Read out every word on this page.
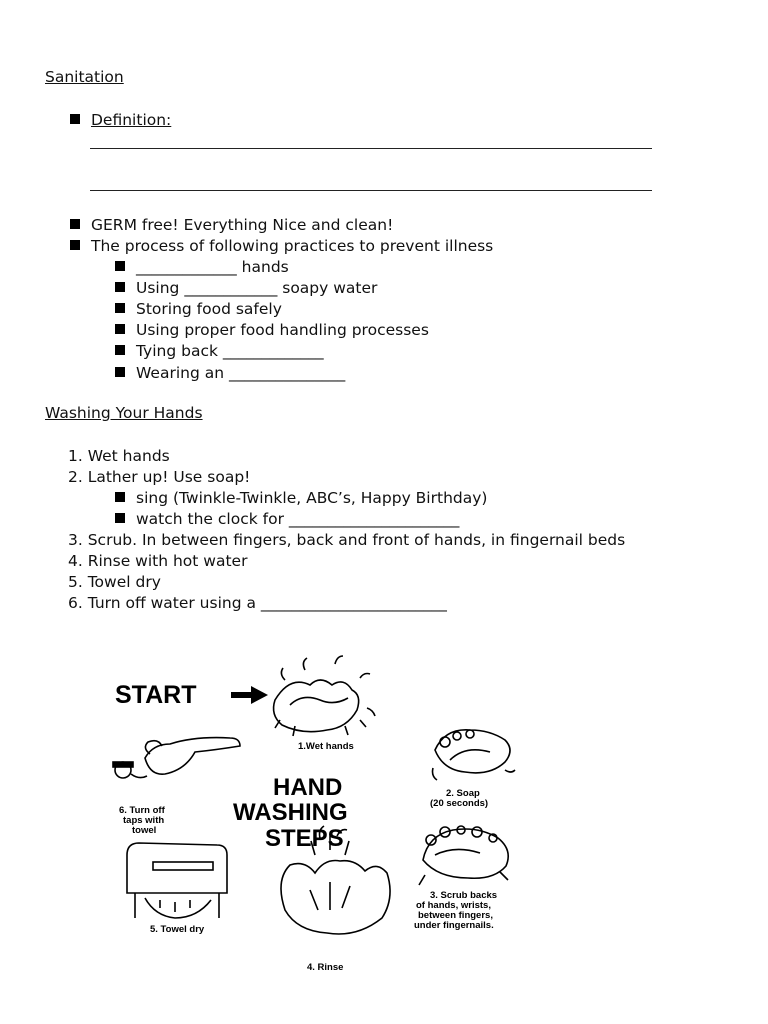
Sanitation
Definition:
GERM free! Everything Nice and clean!
The process of following practices to prevent illness
_____________ hands
Using ____________ soapy water
Storing food safely
Using proper food handling processes
Tying back _____________
Wearing an _______________
Washing Your Hands
1. Wet hands
2. Lather up! Use soap!
sing (Twinkle-Twinkle, ABC’s, Happy Birthday)
watch the clock for ______________________
3. Scrub. In between fingers, back and front of hands, in fingernail beds
4. Rinse with hot water
5. Towel dry
6. Turn off water using a ________________________
START
1.Wet hands
2. Soap
(20 seconds)
6. Turn off
taps with
towel
HAND
WASHING
STEPS
3. Scrub backs
of hands, wrists,
between fingers,
under fingernails.
5. Towel dry
4. Rinse
